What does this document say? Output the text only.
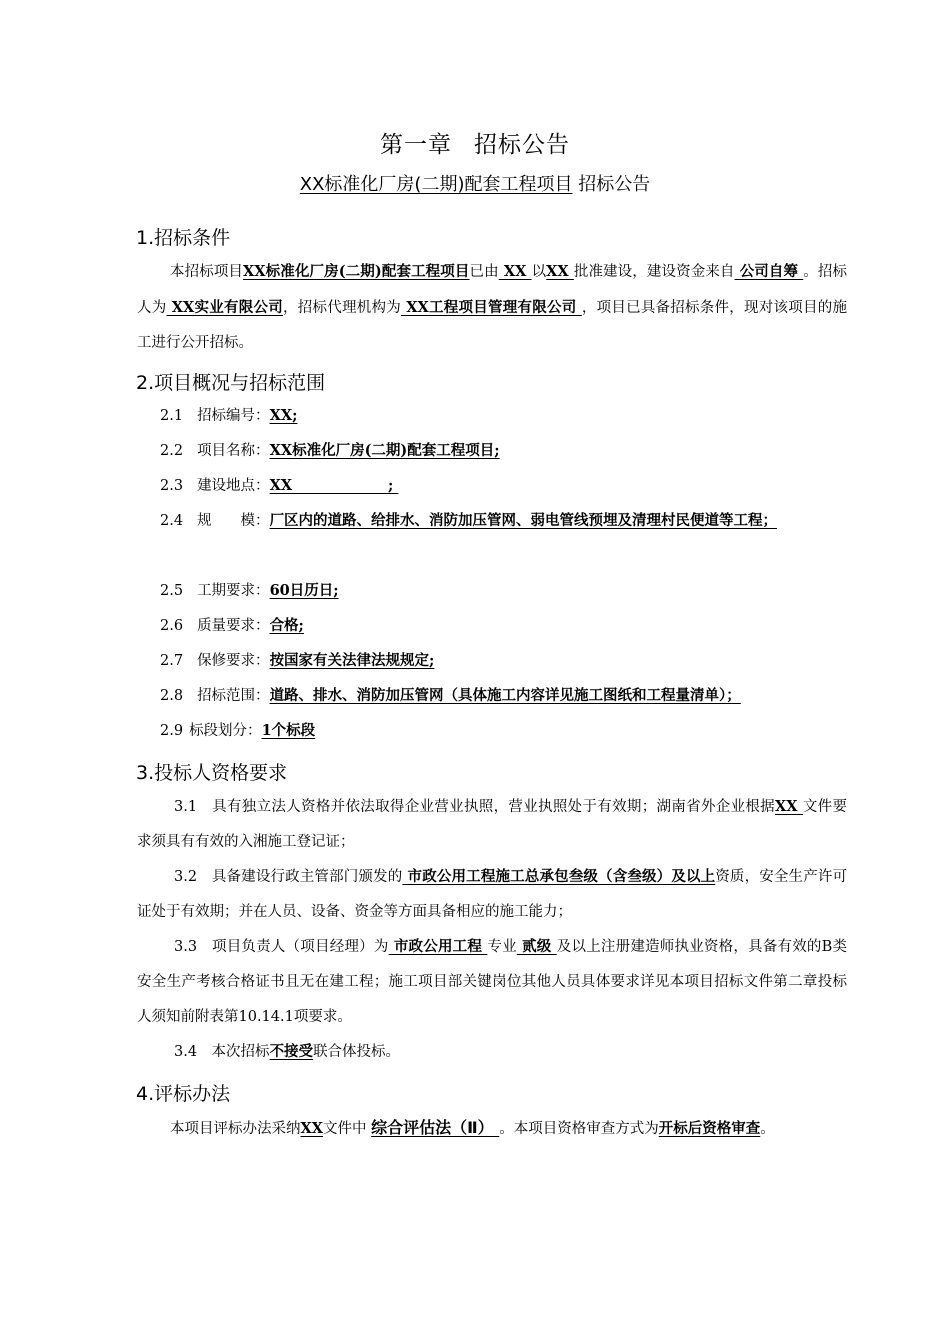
第一章 招标公告
XX标准化厂房(二期)配套工程项目 招标公告
1.招标条件

本招标项目XX标准化厂房(二期)配套工程项目已由 XX 以XX 批准建设，建设资金来自 公司自筹 。招标人为 XX实业有限公司，招标代理机构为 XX工程项目管理有限公司 ，项目已具备招标条件，现对该项目的施工进行公开招标。

2.项目概况与招标范围
2.1 招标编号：XX;
2.2 项目名称：XX标准化厂房(二期)配套工程项目;
2.3 建设地点：XX                   ;

2.4 规　　模：厂区内的道路、给排水、消防加压管网、弱电管线预埋及清理村民便道等工程；

2.5 工期要求：60日历日;
2.6 质量要求：合格;
2.7 保修要求：按国家有关法律法规规定;
2.8 招标范围：道路、排水、消防加压管网（具体施工内容详见施工图纸和工程量清单）；
2.9 标段划分：1个标段
3.投标人资格要求

3.1　具有独立法人资格并依法取得企业营业执照，营业执照处于有效期；湖南省外企业根据XX 文件要求须具有有效的入湘施工登记证；

3.2　具备建设行政主管部门颁发的 市政公用工程施工总承包叁级（含叁级）及以上资质，安全生产许可证处于有效期；并在人员、设备、资金等方面具备相应的施工能力；

3.3　项目负责人（项目经理）为 市政公用工程 专业 贰级 及以上注册建造师执业资格，具备有效的B类安全生产考核合格证书且无在建工程；施工项目部关键岗位其他人员具体要求详见本项目招标文件第二章投标人须知前附表第10.14.1项要求。

3.4　本次招标不接受联合体投标。

4.评标办法

本项目评标办法采纳XX文件中 综合评估法（Ⅱ） 。本项目资格审查方式为开标后资格审查。
